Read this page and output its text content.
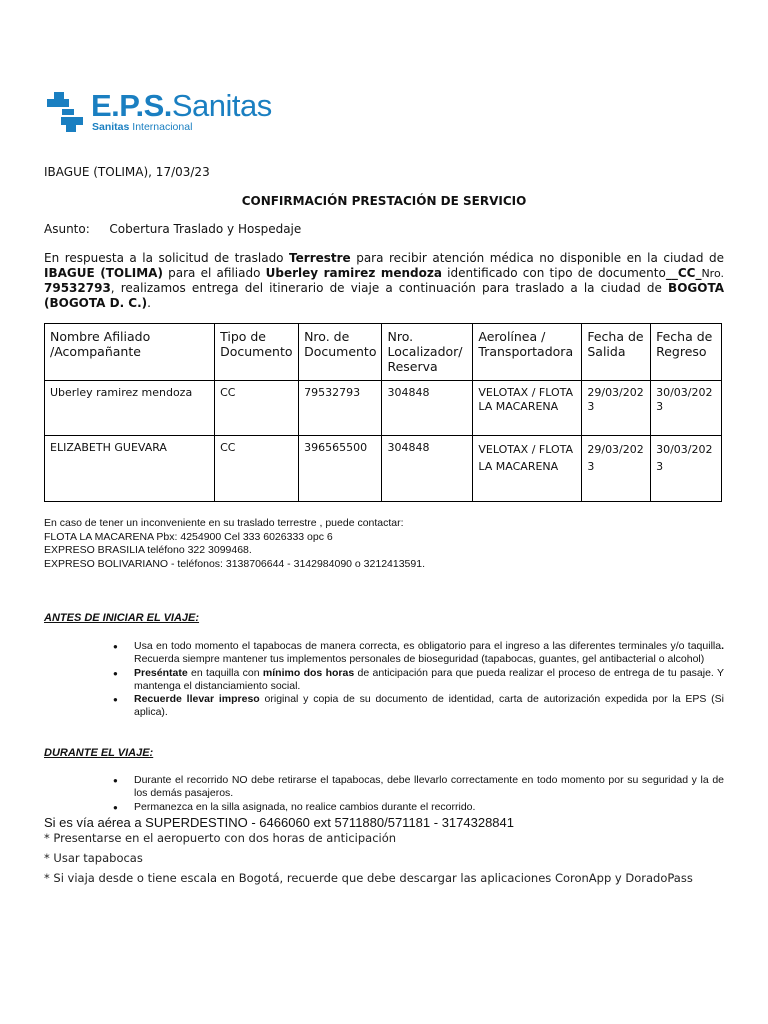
E.P.S.Sanitas
Sanitas Internacional
IBAGUE (TOLIMA), 17/03/23
CONFIRMACIÓN PRESTACIÓN DE SERVICIO
Asunto: Cobertura Traslado y Hospedaje
En respuesta a la solicitud de traslado Terrestre para recibir atención médica no disponible en la ciudad de IBAGUE (TOLIMA) para el afiliado Uberley ramirez mendoza identificado con tipo de documento__CC_Nro. 79532793, realizamos entrega del itinerario de viaje a continuación para traslado a la ciudad de BOGOTA (BOGOTA D. C.).
Nombre Afiliado /Acompañante	Tipo de Documento	Nro. de Documento	Nro. Localizador/ Reserva	Aerolínea / Transportadora	Fecha de Salida	Fecha de Regreso
Uberley ramirez mendoza	CC	79532793	304848	VELOTAX / FLOTA LA MACARENA	29/03/2023	30/03/2023
ELIZABETH GUEVARA	CC	396565500	304848	VELOTAX / FLOTA LA MACARENA	29/03/2023	30/03/2023
En caso de tener un inconveniente en su traslado terrestre , puede contactar:
FLOTA LA MACARENA Pbx: 4254900 Cel 333 6026333 opc 6
EXPRESO BRASILIA teléfono 322 3099468.
EXPRESO BOLIVARIANO - teléfonos: 3138706644 - 3142984090 o 3212413591.
ANTES DE INICIAR EL VIAJE:
● Usa en todo momento el tapabocas de manera correcta, es obligatorio para el ingreso a las diferentes terminales y/o taquilla. Recuerda siempre mantener tus implementos personales de bioseguridad (tapabocas, guantes, gel antibacterial o alcohol)
● Preséntate en taquilla con mínimo dos horas de anticipación para que pueda realizar el proceso de entrega de tu pasaje. Y mantenga el distanciamiento social.
● Recuerde llevar impreso original y copia de su documento de identidad, carta de autorización expedida por la EPS (Si aplica).
DURANTE EL VIAJE:
● Durante el recorrido NO debe retirarse el tapabocas, debe llevarlo correctamente en todo momento por su seguridad y la de los demás pasajeros.
● Permanezca en la silla asignada, no realice cambios durante el recorrido.
Si es vía aérea a SUPERDESTINO - 6466060 ext 5711880/571181 - 3174328841
* Presentarse en el aeropuerto con dos horas de anticipación
* Usar tapabocas
* Si viaja desde o tiene escala en Bogotá, recuerde que debe descargar las aplicaciones CoronApp y DoradoPass
